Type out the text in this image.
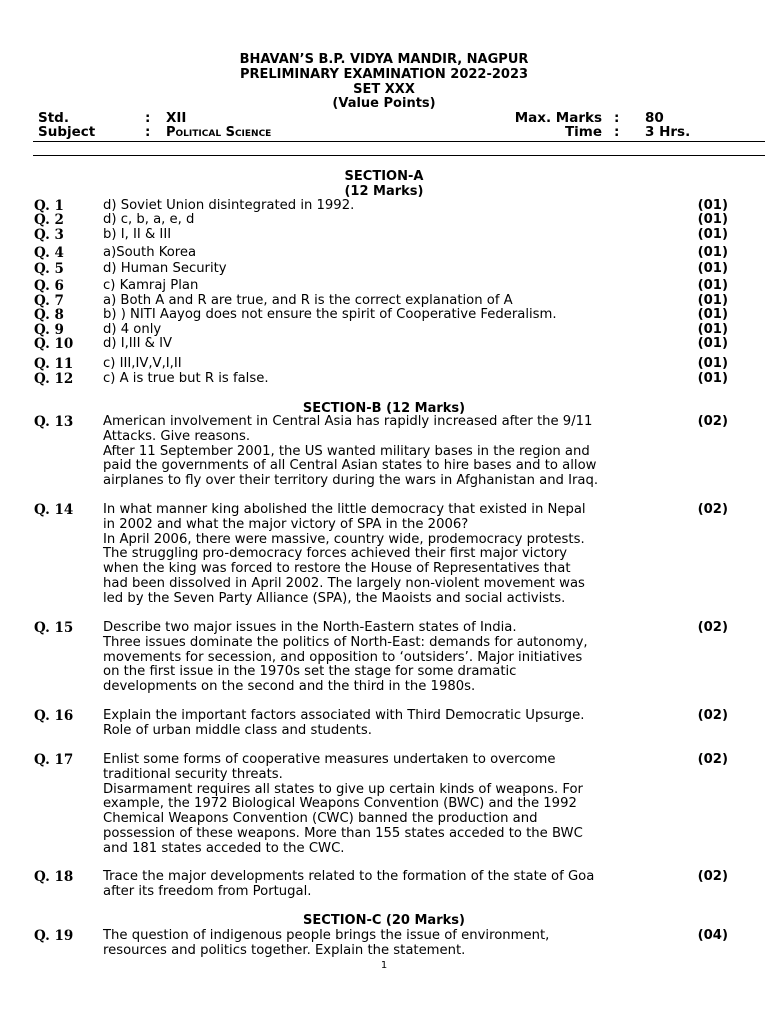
BHAVAN’S B.P. VIDYA MANDIR, NAGPUR
PRELIMINARY EXAMINATION 2022-2023
SET XXX
(Value Points)
Std.	: XII
Subject	: Political Science
Max. Marks : 80
Time : 3 Hrs.
SECTION-A
(12 Marks)
Q. 1	d) Soviet Union disintegrated in 1992.	(01)
Q. 2	d) c, b, a, e, d	(01)
Q. 3	b) I, II & III	(01)
Q. 4	a)South Korea	(01)
Q. 5	d) Human Security	(01)
Q. 6	c) Kamraj Plan	(01)
Q. 7	a) Both A and R are true, and R is the correct explanation of A	(01)
Q. 8	b) ) NITI Aayog does not ensure the spirit of Cooperative Federalism.	(01)
Q. 9	d) 4 only	(01)
Q. 10 d) I,III & IV	(01)
Q. 11 c) III,IV,V,I,II	(01)
Q. 12 c) A is true but R is false.	(01)
Q. 13 American involvement in Central Asia has rapidly increased after the 9/11
Attacks. Give reasons.
After 11 September 2001, the US wanted military bases in the region and
paid the governments of all Central Asian states to hire bases and to allow
airplanes to fly over their territory during the wars in Afghanistan and Iraq.
(02)
Q. 14 In what manner king abolished the little democracy that existed in Nepal
in 2002 and what the major victory of SPA in the 2006?
In April 2006, there were massive, country wide, prodemocracy protests.
The struggling pro-democracy forces achieved their first major victory
when the king was forced to restore the House of Representatives that
had been dissolved in April 2002. The largely non-violent movement was
led by the Seven Party Alliance (SPA), the Maoists and social activists.
(02)
Q. 15 Describe two major issues in the North-Eastern states of India.
Three issues dominate the politics of North-East: demands for autonomy,
movements for secession, and opposition to ‘outsiders’. Major initiatives
on the first issue in the 1970s set the stage for some dramatic
developments on the second and the third in the 1980s.
(02)
Q. 16 Explain the important factors associated with Third Democratic Upsurge.
Role of urban middle class and students.
(02)
Q. 17 Enlist some forms of cooperative measures undertaken to overcome
traditional security threats.
Disarmament requires all states to give up certain kinds of weapons. For
example, the 1972 Biological Weapons Convention (BWC) and the 1992
Chemical Weapons Convention (CWC) banned the production and
possession of these weapons. More than 155 states acceded to the BWC
and 181 states acceded to the CWC.
(02)
Q. 18 Trace the major developments related to the formation of the state of Goa
after its freedom from Portugal.
(02)
Q. 19 The question of indigenous people brings the issue of environment,
resources and politics together. Explain the statement.
(04)
SECTION-B (12 Marks)
SECTION-C (20 Marks)
1
